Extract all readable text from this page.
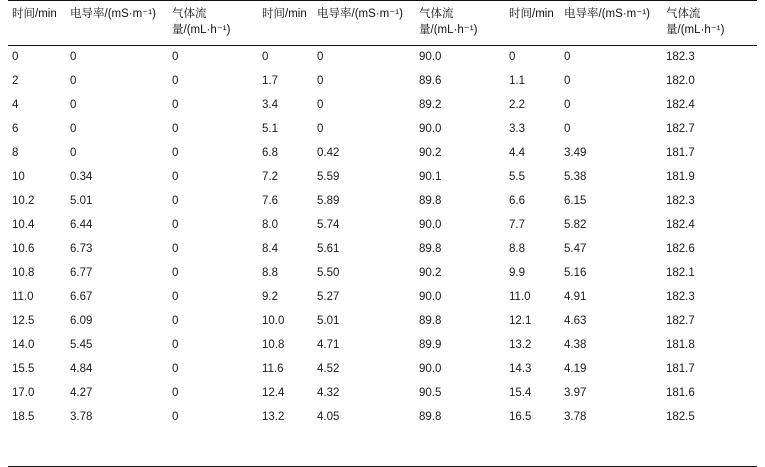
时间/min	电导率/(mS·m⁻¹)	气体流量/(mL·h⁻¹)	时间/min	电导率/(mS·m⁻¹)	气体流量/(mL·h⁻¹)	时间/min	电导率/(mS·m⁻¹)	气体流量/(mL·h⁻¹)
0	0	0	0	0	90.0	0	0	182.3
2	0	0	1.7	0	89.6	1.1	0	182.0
4	0	0	3.4	0	89.2	2.2	0	182.4
6	0	0	5.1	0	90.0	3.3	0	182.7
8	0	0	6.8	0.42	90.2	4.4	3.49	181.7
10	0.34	0	7.2	5.59	90.1	5.5	5.38	181.9
10.2	5.01	0	7.6	5.89	89.8	6.6	6.15	182.3
10.4	6.44	0	8.0	5.74	90.0	7.7	5.82	182.4
10.6	6.73	0	8.4	5.61	89.8	8.8	5.47	182.6
10.8	6.77	0	8.8	5.50	90.2	9.9	5.16	182.1
11.0	6.67	0	9.2	5.27	90.0	11.0	4.91	182.3
12.5	6.09	0	10.0	5.01	89.8	12.1	4.63	182.7
14.0	5.45	0	10.8	4.71	89.9	13.2	4.38	181.8
15.5	4.84	0	11.6	4.52	90.0	14.3	4.19	181.7
17.0	4.27	0	12.4	4.32	90.5	15.4	3.97	181.6
18.5	3.78	0	13.2	4.05	89.8	16.5	3.78	182.5
